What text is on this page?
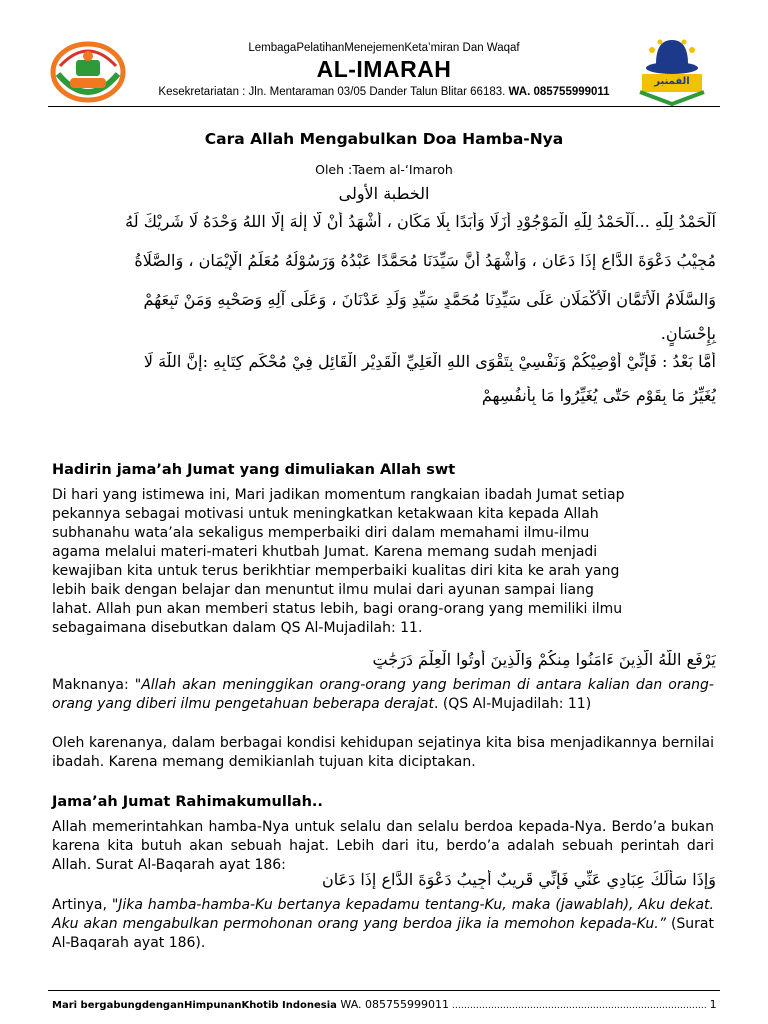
LembagaPelatihanMenejemenKeta’miran Dan Waqaf
AL-IMARAH
Kesekretariatan : Jln. Mentaraman 03/05 Dander Talun Blitar 66183. WA. 085755999011
الفمنبر
Cara Allah Mengabulkan Doa Hamba-Nya
Oleh :Taem al-‘Imaroh
الخطبة الأولى
اَلْحَمْدُ لِلّٰهِ ...اَلْحَمْدُ لِلّٰهِ الْمَوْجُوْدِ أَزَلًا وَأَبَدًا بِلَا مَكَانٍ ، أَشْهَدُ أَنْ لَّا إِلٰهَ إِلَّا اللهُ وَحْدَهُ لَا شَرِيْكَ لَهُ
مُجِيْبُ دَعْوَةَ الدَّاعِ إِذَا دَعَانِ ، وَأَشْهَدُ أَنَّ سَيِّدَنَا مُحَمَّدًا عَبْدُهُ وَرَسُوْلُهُ مُعَلِّمُ الْإِيْمَانِ ، وَالصَّلَاةُ
وَالسَّلَامُ الْأَتَمَّانِ الْأَكْمَلَانِ عَلَى سَيِّدِنَا مُحَمَّدٍ سَيِّدِ وَلَدِ عَدْنَانَ ، وَعَلَى آلِهِ وَصَحْبِهِ وَمَنْ تَبِعَهُمْ
بِإِحْسَانٍ.
أَمَّا بَعْدُ : فَإِنِّيْ أُوْصِيْكُمْ وَنَفْسِيْ بِتَقْوَى اللهِ الْعَلِيِّ الْقَدِيْرِ الْقَائِلِ فِيْ مُحْكَمِ كِتَابِهِ :إِنَّ اللّٰهَ لَا
يُغَيِّرُ مَا بِقَوْمٍ حَتّٰى يُغَيِّرُوا مَا بِأَنفُسِهِمْ
Hadirin jama’ah Jumat yang dimuliakan Allah swt
Di hari yang istimewa ini, Mari jadikan momentum rangkaian ibadah Jumat setiap
pekannya sebagai motivasi untuk meningkatkan ketakwaan kita kepada Allah
subhanahu wata’ala sekaligus memperbaiki diri dalam memahami ilmu-ilmu
agama melalui materi-materi khutbah Jumat. Karena memang sudah menjadi
kewajiban kita untuk terus berikhtiar memperbaiki kualitas diri kita ke arah yang
lebih baik dengan belajar dan menuntut ilmu mulai dari ayunan sampai liang
lahat. Allah pun akan memberi status lebih, bagi orang-orang yang memiliki ilmu
sebagaimana disebutkan dalam QS Al-Mujadilah: 11.
يَرْفَعِ اللَّهُ الَّذِينَ ءَامَنُوا مِنكُمْ وَالَّذِينَ أُوتُوا الْعِلْمَ دَرَجَٰتٍ
Maknanya: "Allah akan meninggikan orang-orang yang beriman di antara kalian dan orang-orang yang diberi ilmu pengetahuan beberapa derajat. (QS Al-Mujadilah: 11)
Oleh karenanya, dalam berbagai kondisi kehidupan sejatinya kita bisa menjadikannya bernilai ibadah. Karena memang demikianlah tujuan kita diciptakan.
Jama’ah Jumat Rahimakumullah..
Allah memerintahkan hamba-Nya untuk selalu dan selalu berdoa kepada-Nya. Berdo’a bukan karena kita butuh akan sebuah hajat. Lebih dari itu, berdo’a adalah sebuah perintah dari Allah. Surat Al-Baqarah ayat 186:
وَإِذَا سَأَلَكَ عِبَادِي عَنِّي فَإِنِّي قَرِيبٌ أُجِيبُ دَعْوَةَ الدَّاعِ إِذَا دَعَانِ
Artinya, "Jika hamba-hamba-Ku bertanya kepadamu tentang-Ku, maka (jawablah), Aku dekat. Aku akan mengabulkan permohonan orang yang berdoa jika ia memohon kepada-Ku.” (Surat Al-Baqarah ayat 186).
Mari bergabungdenganHimpunanKhotib Indonesia WA. 085755999011 …………………………………………………………………………. 1
